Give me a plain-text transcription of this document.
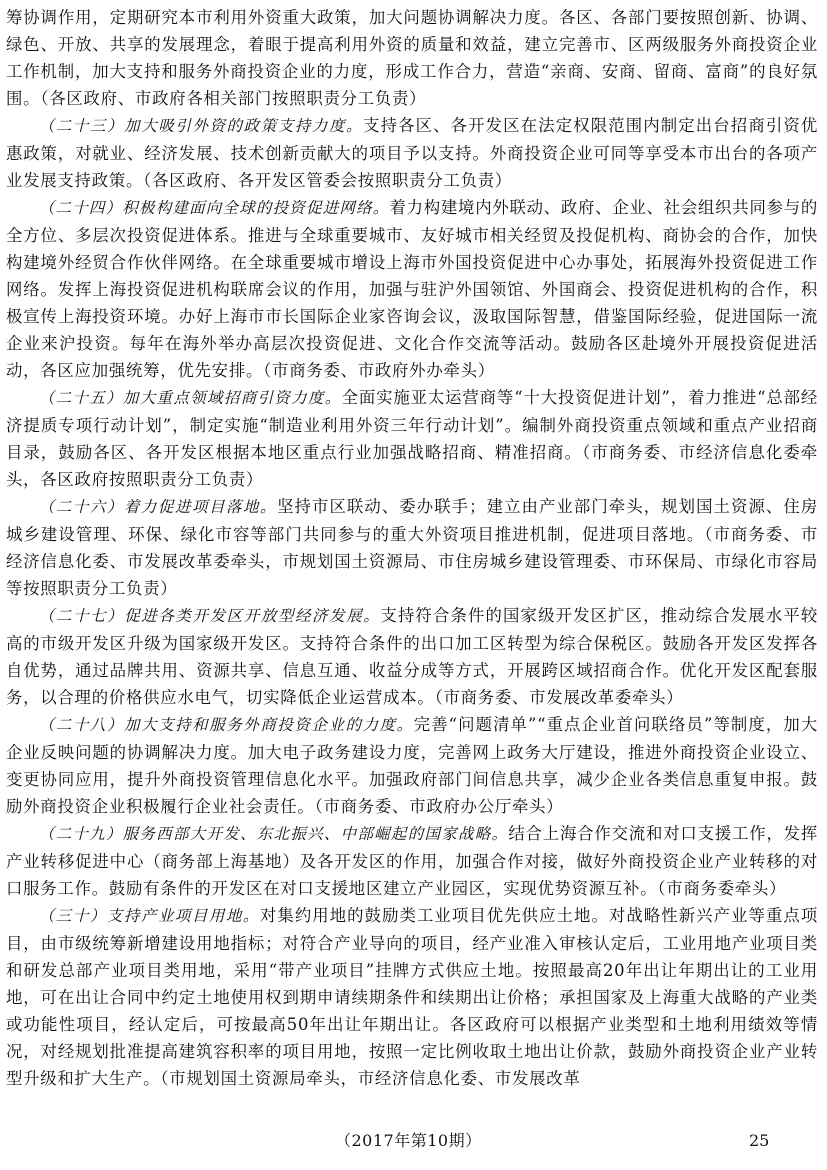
筹协调作用，定期研究本市利用外资重大政策，加大问题协调解决力度。各区、各部门要按照创新、协调、绿色、开放、共享的发展理念，着眼于提高利用外资的质量和效益，建立完善市、区两级服务外商投资企业工作机制，加大支持和服务外商投资企业的力度，形成工作合力，营造“亲商、安商、留商、富商”的良好氛围。（各区政府、市政府各相关部门按照职责分工负责）

（二十三）加大吸引外资的政策支持力度。支持各区、各开发区在法定权限范围内制定出台招商引资优惠政策，对就业、经济发展、技术创新贡献大的项目予以支持。外商投资企业可同等享受本市出台的各项产业发展支持政策。（各区政府、各开发区管委会按照职责分工负责）

（二十四）积极构建面向全球的投资促进网络。着力构建境内外联动、政府、企业、社会组织共同参与的全方位、多层次投资促进体系。推进与全球重要城市、友好城市相关经贸及投促机构、商协会的合作，加快构建境外经贸合作伙伴网络。在全球重要城市增设上海市外国投资促进中心办事处，拓展海外投资促进工作网络。发挥上海投资促进机构联席会议的作用，加强与驻沪外国领馆、外国商会、投资促进机构的合作，积极宣传上海投资环境。办好上海市市长国际企业家咨询会议，汲取国际智慧，借鉴国际经验，促进国际一流企业来沪投资。每年在海外举办高层次投资促进、文化合作交流等活动。鼓励各区赴境外开展投资促进活动，各区应加强统筹，优先安排。（市商务委、市政府外办牵头）

（二十五）加大重点领域招商引资力度。全面实施亚太运营商等“十大投资促进计划”，着力推进“总部经济提质专项行动计划”，制定实施“制造业利用外资三年行动计划”。编制外商投资重点领域和重点产业招商目录，鼓励各区、各开发区根据本地区重点行业加强战略招商、精准招商。（市商务委、市经济信息化委牵头，各区政府按照职责分工负责）

（二十六）着力促进项目落地。坚持市区联动、委办联手；建立由产业部门牵头，规划国土资源、住房城乡建设管理、环保、绿化市容等部门共同参与的重大外资项目推进机制，促进项目落地。（市商务委、市经济信息化委、市发展改革委牵头，市规划国土资源局、市住房城乡建设管理委、市环保局、市绿化市容局等按照职责分工负责）

（二十七）促进各类开发区开放型经济发展。支持符合条件的国家级开发区扩区，推动综合发展水平较高的市级开发区升级为国家级开发区。支持符合条件的出口加工区转型为综合保税区。鼓励各开发区发挥各自优势，通过品牌共用、资源共享、信息互通、收益分成等方式，开展跨区域招商合作。优化开发区配套服务，以合理的价格供应水电气，切实降低企业运营成本。（市商务委、市发展改革委牵头）

（二十八）加大支持和服务外商投资企业的力度。完善“问题清单”“重点企业首问联络员”等制度，加大企业反映问题的协调解决力度。加大电子政务建设力度，完善网上政务大厅建设，推进外商投资企业设立、变更协同应用，提升外商投资管理信息化水平。加强政府部门间信息共享，减少企业各类信息重复申报。鼓励外商投资企业积极履行企业社会责任。（市商务委、市政府办公厅牵头）

（二十九）服务西部大开发、东北振兴、中部崛起的国家战略。结合上海合作交流和对口支援工作，发挥产业转移促进中心（商务部上海基地）及各开发区的作用，加强合作对接，做好外商投资企业产业转移的对口服务工作。鼓励有条件的开发区在对口支援地区建立产业园区，实现优势资源互补。（市商务委牵头）

（三十）支持产业项目用地。对集约用地的鼓励类工业项目优先供应土地。对战略性新兴产业等重点项目，由市级统筹新增建设用地指标；对符合产业导向的项目，经产业准入审核认定后，工业用地产业项目类和研发总部产业项目类用地，采用“带产业项目”挂牌方式供应土地。按照最高20年出让年期出让的工业用地，可在出让合同中约定土地使用权到期申请续期条件和续期出让价格；承担国家及上海重大战略的产业类或功能性项目，经认定后，可按最高50年出让年期出让。各区政府可以根据产业类型和土地利用绩效等情况，对经规划批准提高建筑容积率的项目用地，按照一定比例收取土地出让价款，鼓励外商投资企业产业转型升级和扩大生产。（市规划国土资源局牵头，市经济信息化委、市发展改革

（2017年第10期）	25
